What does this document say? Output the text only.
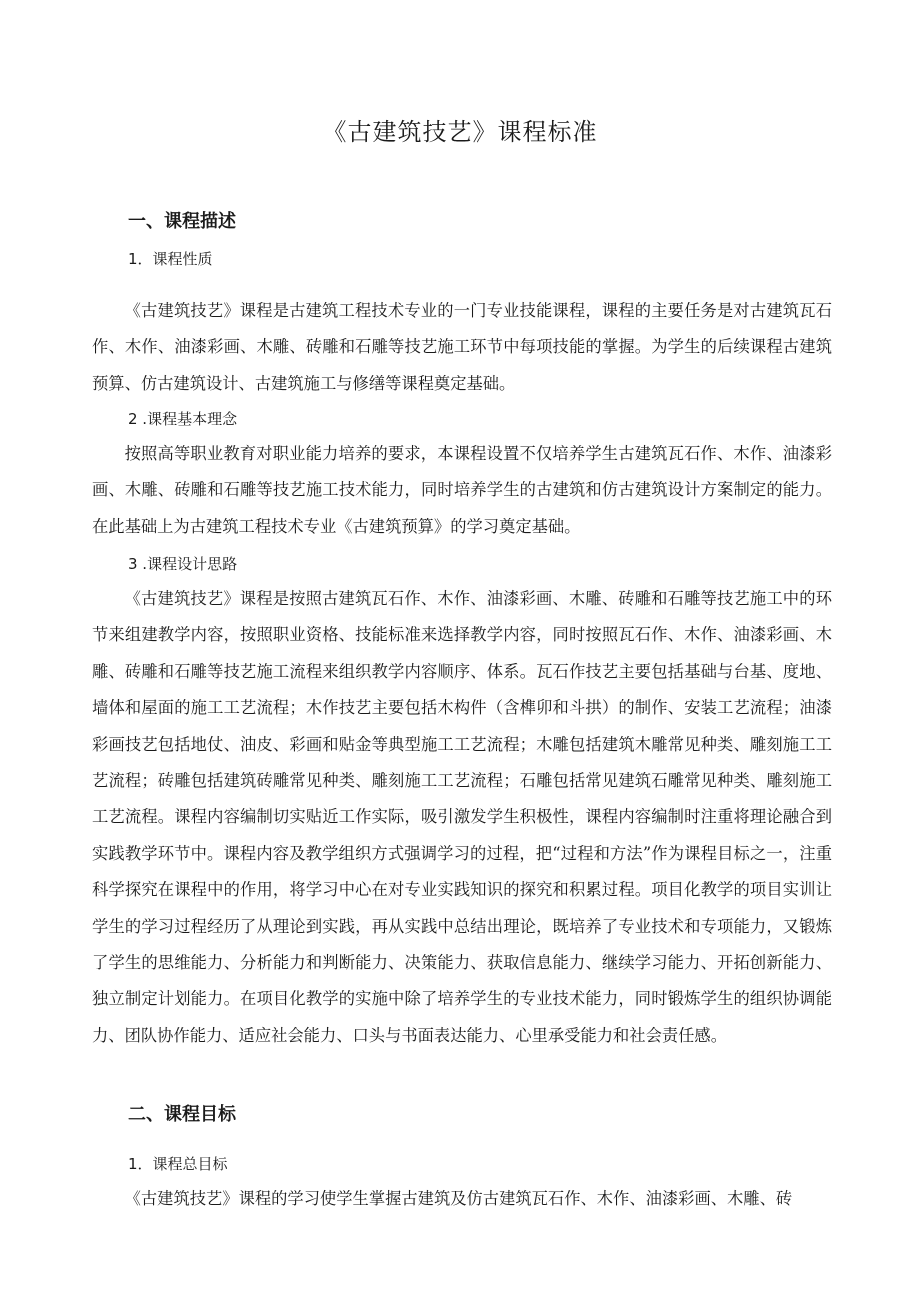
《古建筑技艺》课程标准
一、课程描述
1．课程性质

《古建筑技艺》课程是古建筑工程技术专业的一门专业技能课程，课程的主要任务是对古建筑瓦石作、木作、油漆彩画、木雕、砖雕和石雕等技艺施工环节中每项技能的掌握。为学生的后续课程古建筑预算、仿古建筑设计、古建筑施工与修缮等课程奠定基础。

2 .课程基本理念

按照高等职业教育对职业能力培养的要求，本课程设置不仅培养学生古建筑瓦石作、木作、油漆彩画、木雕、砖雕和石雕等技艺施工技术能力，同时培养学生的古建筑和仿古建筑设计方案制定的能力。在此基础上为古建筑工程技术专业《古建筑预算》的学习奠定基础。

3 .课程设计思路

《古建筑技艺》课程是按照古建筑瓦石作、木作、油漆彩画、木雕、砖雕和石雕等技艺施工中的环节来组建教学内容，按照职业资格、技能标准来选择教学内容，同时按照瓦石作、木作、油漆彩画、木雕、砖雕和石雕等技艺施工流程来组织教学内容顺序、体系。瓦石作技艺主要包括基础与台基、度地、墙体和屋面的施工工艺流程；木作技艺主要包括木构件（含榫卯和斗拱）的制作、安装工艺流程；油漆彩画技艺包括地仗、油皮、彩画和贴金等典型施工工艺流程；木雕包括建筑木雕常见种类、雕刻施工工艺流程；砖雕包括建筑砖雕常见种类、雕刻施工工艺流程；石雕包括常见建筑石雕常见种类、雕刻施工工艺流程。课程内容编制切实贴近工作实际，吸引激发学生积极性，课程内容编制时注重将理论融合到实践教学环节中。课程内容及教学组织方式强调学习的过程，把“过程和方法”作为课程目标之一，注重科学探究在课程中的作用，将学习中心在对专业实践知识的探究和积累过程。项目化教学的项目实训让学生的学习过程经历了从理论到实践，再从实践中总结出理论，既培养了专业技术和专项能力，又锻炼了学生的思维能力、分析能力和判断能力、决策能力、获取信息能力、继续学习能力、开拓创新能力、独立制定计划能力。在项目化教学的实施中除了培养学生的专业技术能力，同时锻炼学生的组织协调能力、团队协作能力、适应社会能力、口头与书面表达能力、心里承受能力和社会责任感。

二、课程目标
1．课程总目标

《古建筑技艺》课程的学习使学生掌握古建筑及仿古建筑瓦石作、木作、油漆彩画、木雕、砖
